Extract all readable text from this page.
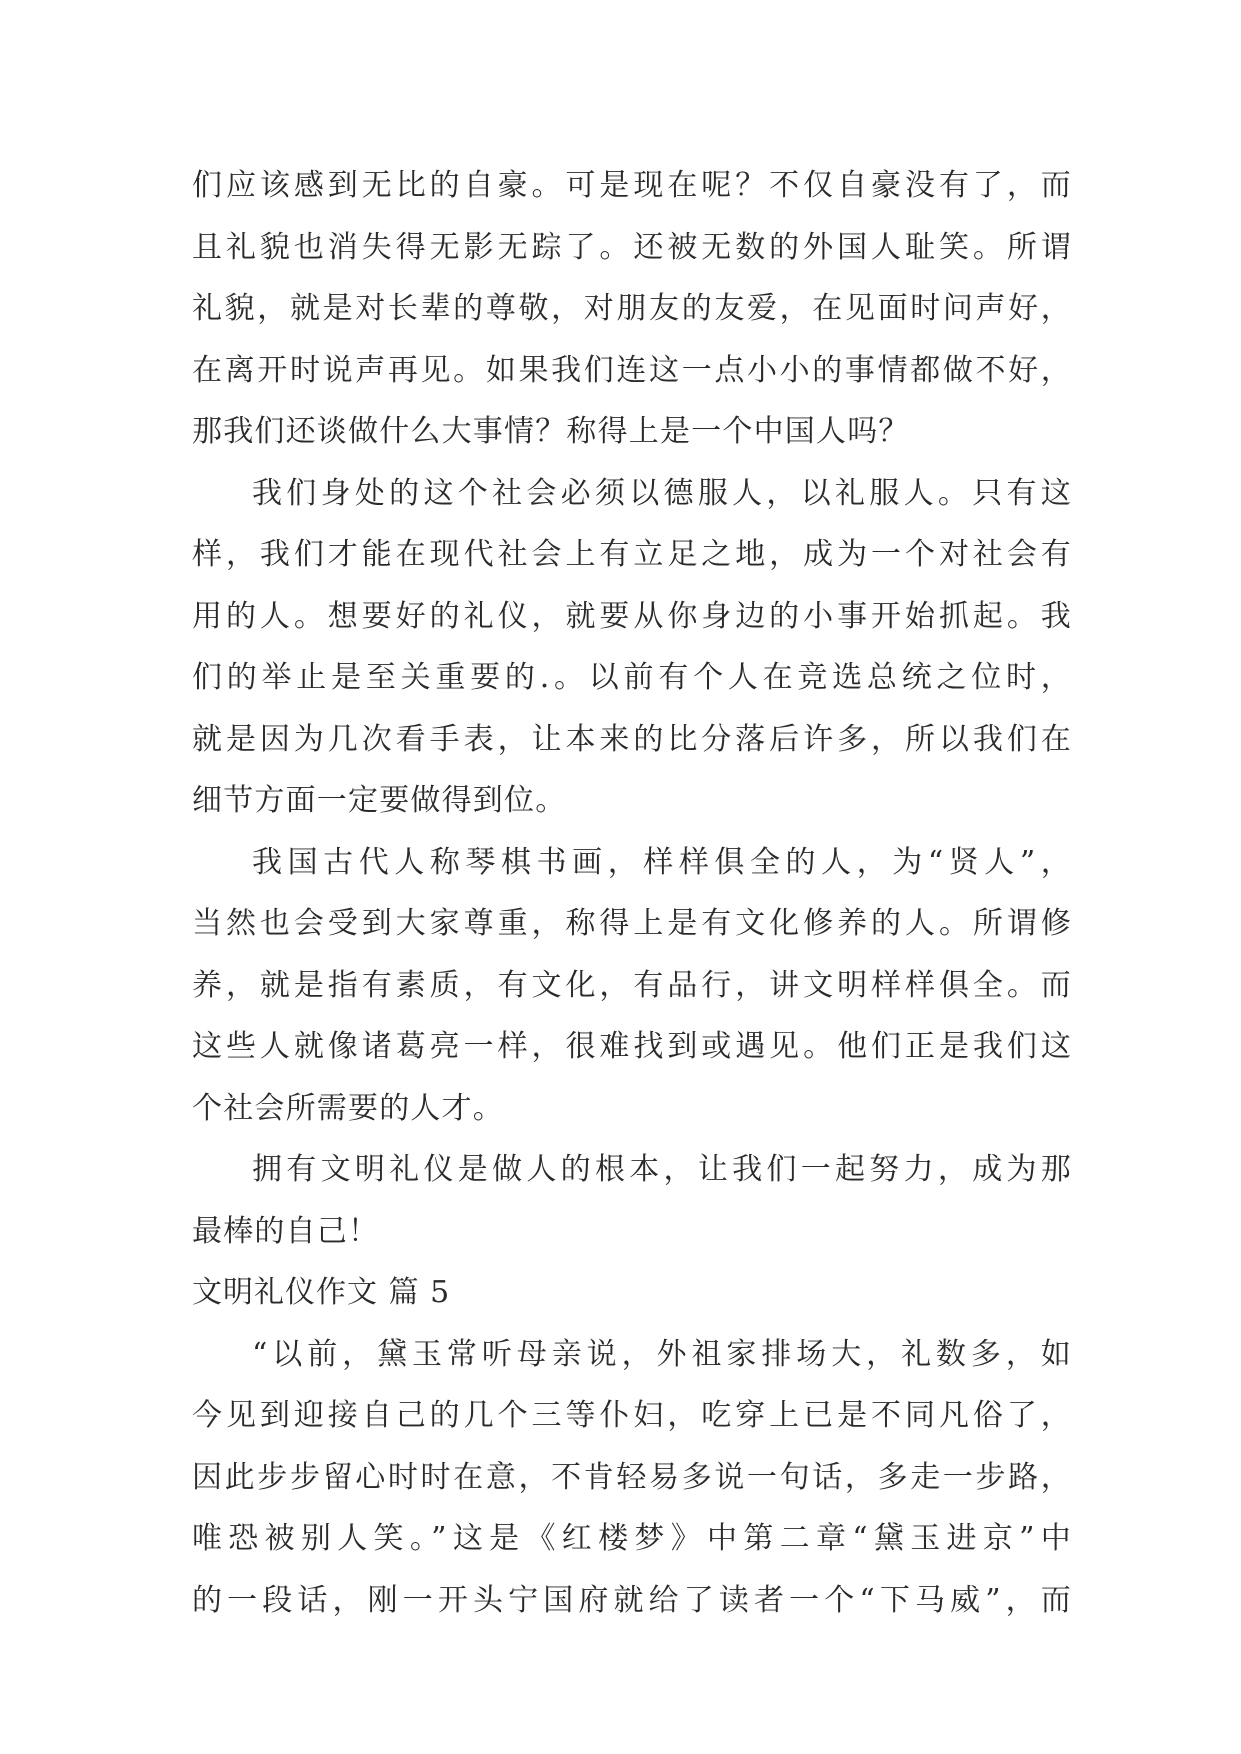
们应该感到无比的自豪。可是现在呢？不仅自豪没有了，而
且礼貌也消失得无影无踪了。还被无数的外国人耻笑。所谓
礼貌，就是对长辈的尊敬，对朋友的友爱，在见面时问声好，
在离开时说声再见。如果我们连这一点小小的事情都做不好，
那我们还谈做什么大事情？称得上是一个中国人吗？
我们身处的这个社会必须以德服人，以礼服人。只有这
样，我们才能在现代社会上有立足之地，成为一个对社会有
用的人。想要好的礼仪，就要从你身边的小事开始抓起。我
们的举止是至关重要的.。以前有个人在竞选总统之位时，
就是因为几次看手表，让本来的比分落后许多，所以我们在
细节方面一定要做得到位。
我国古代人称琴棋书画，样样俱全的人，为“贤人”，
当然也会受到大家尊重，称得上是有文化修养的人。所谓修
养，就是指有素质，有文化，有品行，讲文明样样俱全。而
这些人就像诸葛亮一样，很难找到或遇见。他们正是我们这
个社会所需要的人才。
拥有文明礼仪是做人的根本，让我们一起努力，成为那
最棒的自己！
文明礼仪作文 篇 5
“以前，黛玉常听母亲说，外祖家排场大，礼数多，如
今见到迎接自己的几个三等仆妇，吃穿上已是不同凡俗了，
因此步步留心时时在意，不肯轻易多说一句话，多走一步路，
唯恐被别人笑。”这是《红楼梦》中第二章“黛玉进京”中
的一段话，刚一开头宁国府就给了读者一个“下马威”，而
